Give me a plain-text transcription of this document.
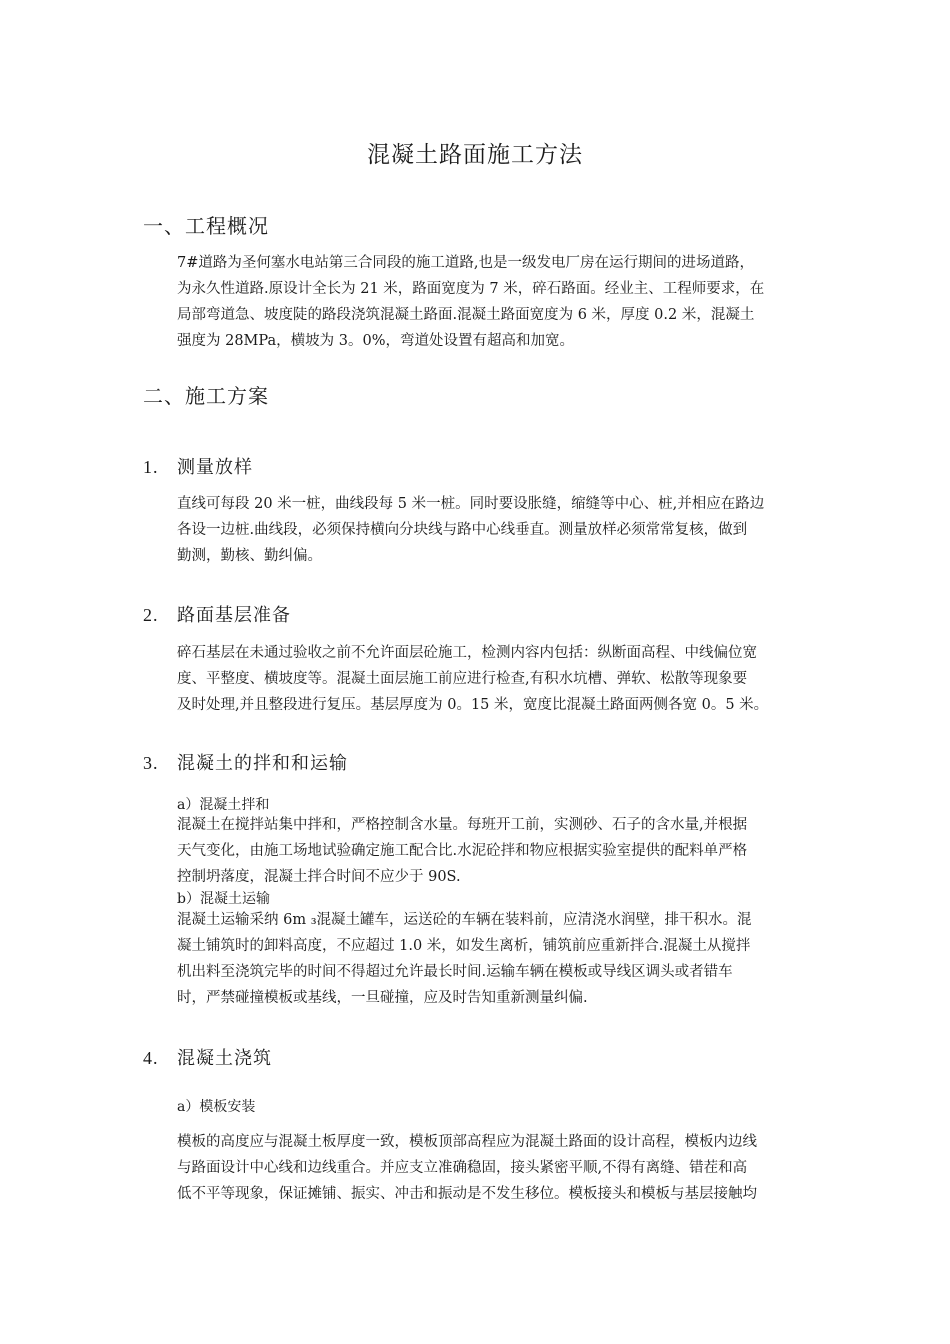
混凝土路面施工方法
一、工程概况

7#道路为圣何塞水电站第三合同段的施工道路,也是一级发电厂房在运行期间的进场道路，
为永久性道路.原设计全长为 21 米，路面宽度为 7 米，碎石路面。经业主、工程师要求，在
局部弯道急、坡度陡的路段浇筑混凝土路面.混凝土路面宽度为 6 米，厚度 0.2 米，混凝土
强度为 28MPa，横坡为 3。0%，弯道处设置有超高和加宽。

二、施工方案
1. 测量放样

直线可每段 20 米一桩，曲线段每 5 米一桩。同时要设胀缝，缩缝等中心、桩,并相应在路边
各设一边桩.曲线段，必须保持横向分块线与路中心线垂直。测量放样必须常常复核，做到
勤测，勤核、勤纠偏。

2. 路面基层准备

碎石基层在未通过验收之前不允许面层砼施工，检测内容内包括：纵断面高程、中线偏位宽
度、平整度、横坡度等。混凝土面层施工前应进行检查,有积水坑槽、弹软、松散等现象要
及时处理,并且整段进行复压。基层厚度为 0。15 米，宽度比混凝土路面两侧各宽 0。5 米。

3. 混凝土的拌和和运输
a）混凝土拌和

混凝土在搅拌站集中拌和，严格控制含水量。每班开工前，实测砂、石子的含水量,并根据
天气变化，由施工场地试验确定施工配合比.水泥砼拌和物应根据实验室提供的配料单严格
控制坍落度，混凝土拌合时间不应少于 90S.

b）混凝土运输

混凝土运输采纳 6m ₃混凝土罐车，运送砼的车辆在装料前，应清浇水润壁，排干积水。混
凝土铺筑时的卸料高度，不应超过 1.0 米，如发生离析，铺筑前应重新拌合.混凝土从搅拌
机出料至浇筑完毕的时间不得超过允许最长时间.运输车辆在模板或导线区调头或者错车
时，严禁碰撞模板或基线，一旦碰撞，应及时告知重新测量纠偏.

4. 混凝土浇筑
a）模板安装

模板的高度应与混凝土板厚度一致，模板顶部高程应为混凝土路面的设计高程，模板内边线
与路面设计中心线和边线重合。并应支立准确稳固，接头紧密平顺,不得有离缝、错茬和高
低不平等现象，保证摊铺、振实、冲击和振动是不发生移位。模板接头和模板与基层接触均
